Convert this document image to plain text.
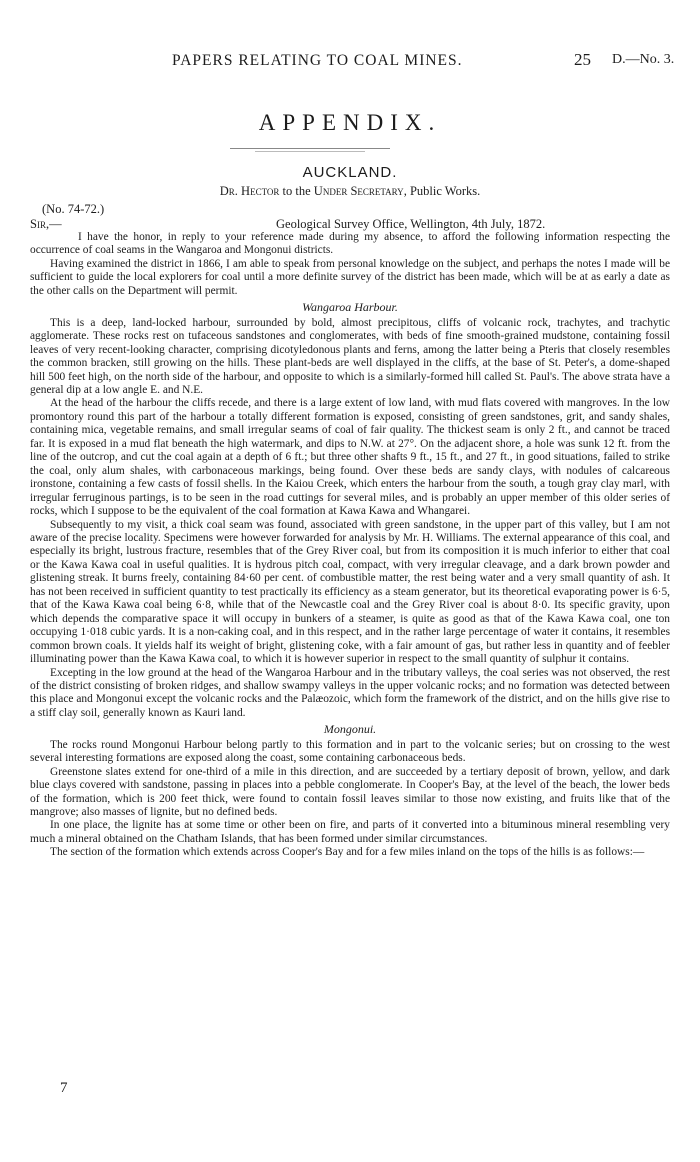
PAPERS RELATING TO COAL MINES.	25 D.—No. 3.
APPENDIX.
AUCKLAND.
Dr. Hector to the Under Secretary, Public Works.
(No. 74-72.)
Sir,—	Geological Survey Office, Wellington, 4th July, 1872.

I have the honor, in reply to your reference made during my absence, to afford the following information respecting the occurrence of coal seams in the Wangaroa and Mongonui districts.

Having examined the district in 1866, I am able to speak from personal knowledge on the subject, and perhaps the notes I made will be sufficient to guide the local explorers for coal until a more definite survey of the district has been made, which will be at as early a date as the other calls on the Department will permit.

Wangaroa Harbour.

This is a deep, land-locked harbour, surrounded by bold, almost precipitous, cliffs of volcanic rock, trachytes, and trachytic agglomerate. These rocks rest on tufaceous sandstones and conglomerates, with beds of fine smooth-grained mudstone, containing fossil leaves of very recent-looking character, comprising dicotyledonous plants and ferns, among the latter being a Pteris that closely resembles the common bracken, still growing on the hills. These plant-beds are well displayed in the cliffs, at the base of St. Peter's, a dome-shaped hill 500 feet high, on the north side of the harbour, and opposite to which is a similarly-formed hill called St. Paul's. The above strata have a general dip at a low angle E. and N.E.

At the head of the harbour the cliffs recede, and there is a large extent of low land, with mud flats covered with mangroves. In the low promontory round this part of the harbour a totally different formation is exposed, consisting of green sandstones, grit, and sandy shales, containing mica, vegetable remains, and small irregular seams of coal of fair quality. The thickest seam is only 2 ft., and cannot be traced far. It is exposed in a mud flat beneath the high watermark, and dips to N.W. at 27°. On the adjacent shore, a hole was sunk 12 ft. from the line of the outcrop, and cut the coal again at a depth of 6 ft.; but three other shafts 9 ft., 15 ft., and 27 ft., in good situations, failed to strike the coal, only alum shales, with carbonaceous markings, being found. Over these beds are sandy clays, with nodules of calcareous ironstone, containing a few casts of fossil shells. In the Kaiou Creek, which enters the harbour from the south, a tough gray clay marl, with irregular ferruginous partings, is to be seen in the road cuttings for several miles, and is probably an upper member of this older series of rocks, which I suppose to be the equivalent of the coal formation at Kawa Kawa and Whangarei.

Subsequently to my visit, a thick coal seam was found, associated with green sandstone, in the upper part of this valley, but I am not aware of the precise locality. Specimens were however forwarded for analysis by Mr. H. Williams. The external appearance of this coal, and especially its bright, lustrous fracture, resembles that of the Grey River coal, but from its composition it is much inferior to either that coal or the Kawa Kawa coal in useful qualities. It is hydrous pitch coal, compact, with very irregular cleavage, and a dark brown powder and glistening streak. It burns freely, containing 84·60 per cent. of combustible matter, the rest being water and a very small quantity of ash. It has not been received in sufficient quantity to test practically its efficiency as a steam generator, but its theoretical evaporating power is 6·5, that of the Kawa Kawa coal being 6·8, while that of the Newcastle coal and the Grey River coal is about 8·0. Its specific gravity, upon which depends the comparative space it will occupy in bunkers of a steamer, is quite as good as that of the Kawa Kawa coal, one ton occupying 1·018 cubic yards. It is a non-caking coal, and in this respect, and in the rather large percentage of water it contains, it resembles common brown coals. It yields half its weight of bright, glistening coke, with a fair amount of gas, but rather less in quantity and of feebler illuminating power than the Kawa Kawa coal, to which it is however superior in respect to the small quantity of sulphur it contains.

Excepting in the low ground at the head of the Wangaroa Harbour and in the tributary valleys, the coal series was not observed, the rest of the district consisting of broken ridges, and shallow swampy valleys in the upper volcanic rocks; and no formation was detected between this place and Mongonui except the volcanic rocks and the Palæozoic, which form the framework of the district, and on the hills give rise to a stiff clay soil, generally known as Kauri land.

Mongonui.

The rocks round Mongonui Harbour belong partly to this formation and in part to the volcanic series; but on crossing to the west several interesting formations are exposed along the coast, some containing carbonaceous beds.

Greenstone slates extend for one-third of a mile in this direction, and are succeeded by a tertiary deposit of brown, yellow, and dark blue clays covered with sandstone, passing in places into a pebble conglomerate. In Cooper's Bay, at the level of the beach, the lower beds of the formation, which is 200 feet thick, were found to contain fossil leaves similar to those now existing, and fruits like that of the mangrove; also masses of lignite, but no defined beds.

In one place, the lignite has at some time or other been on fire, and parts of it converted into a bituminous mineral resembling very much a mineral obtained on the Chatham Islands, that has been formed under similar circumstances.

The section of the formation which extends across Cooper's Bay and for a few miles inland on the tops of the hills is as follows:—

7
